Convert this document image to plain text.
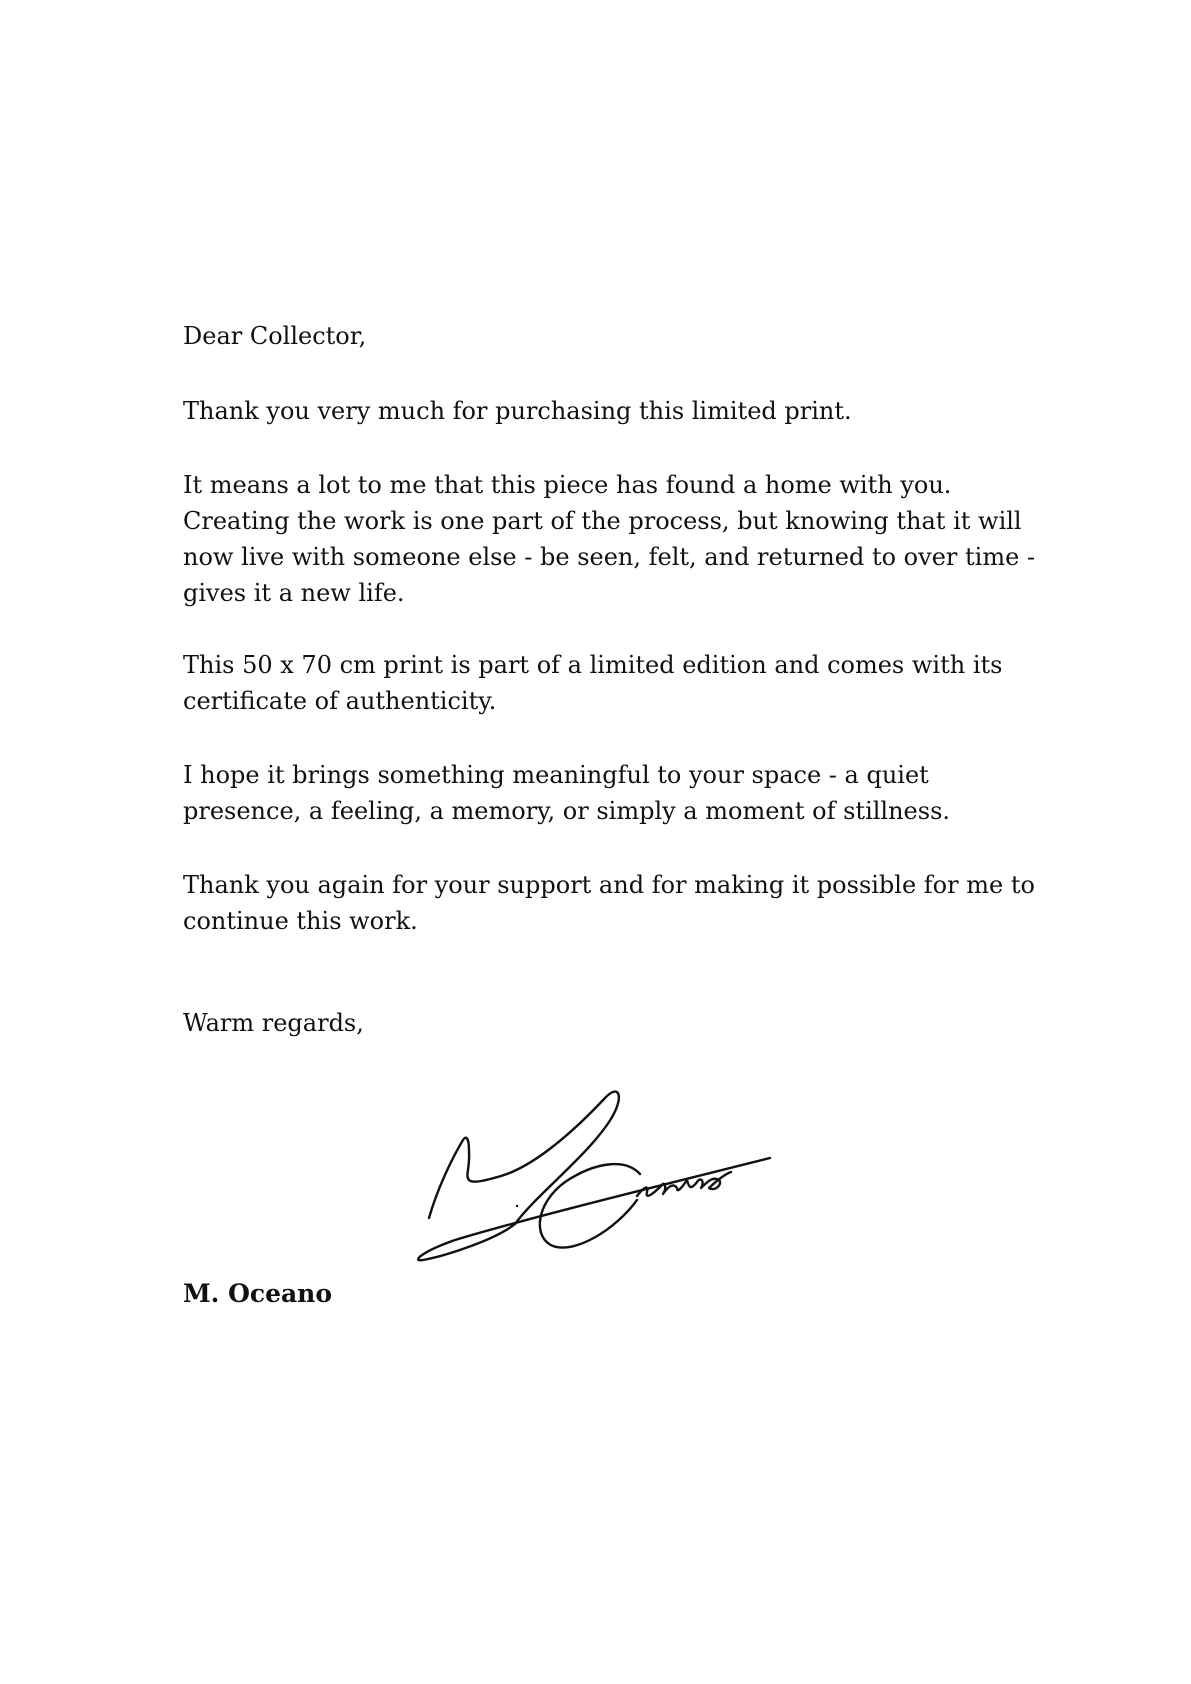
Dear Collector,

Thank you very much for purchasing this limited print.

It means a lot to me that this piece has found a home with you. Creating the work is one part of the process, but knowing that it will now live with someone else - be seen, felt, and returned to over time - gives it a new life.

This 50 x 70 cm print is part of a limited edition and comes with its certificate of authenticity.

I hope it brings something meaningful to your space - a quiet presence, a feeling, a memory, or simply a moment of stillness.

Thank you again for your support and for making it possible for me to continue this work.

Warm regards,

M. Oceano
